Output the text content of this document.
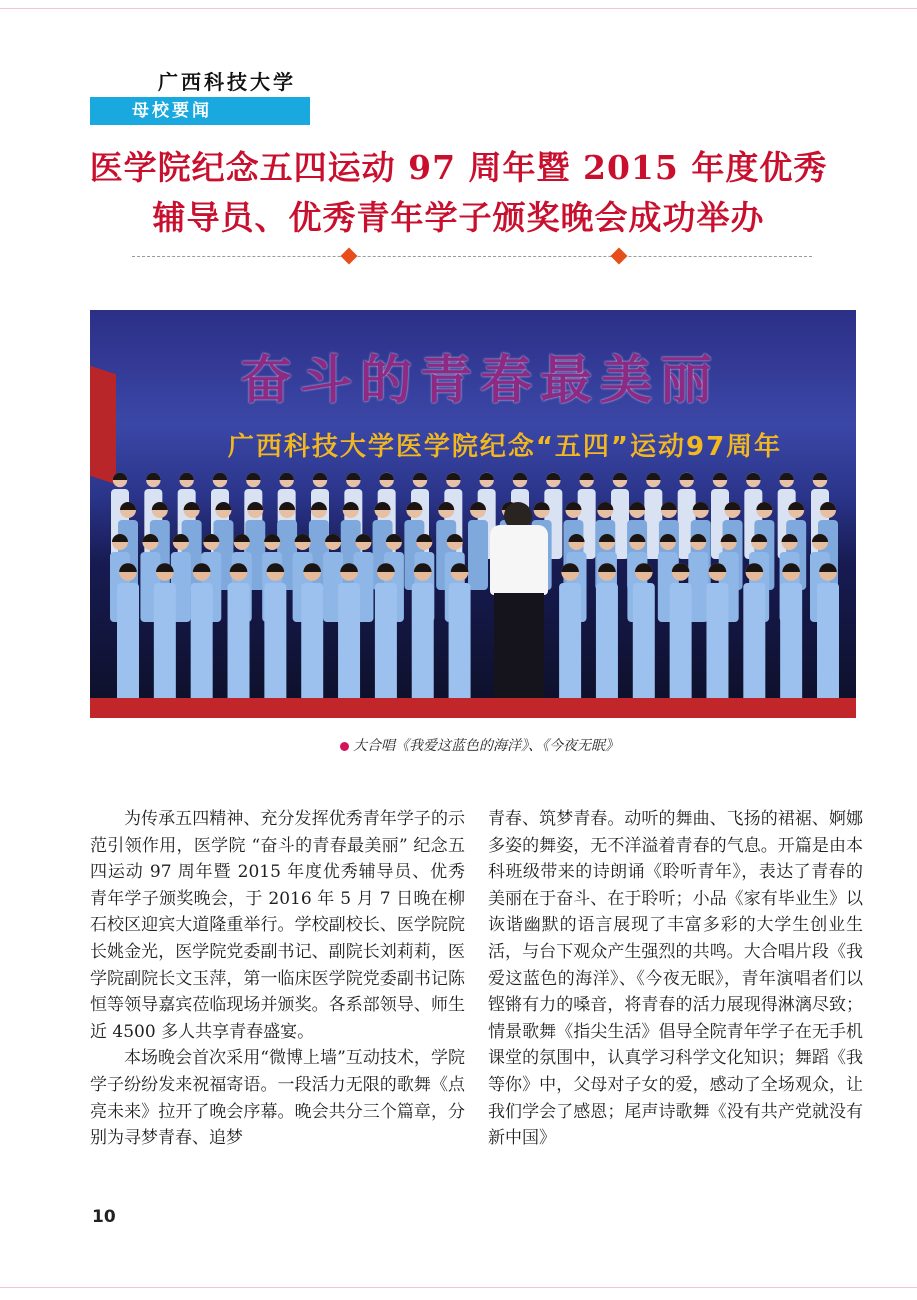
广西科技大学
母校要闻
医学院纪念五四运动 97 周年暨 2015 年度优秀
辅导员、优秀青年学子颁奖晚会成功举办
奋斗的青春最美丽
广西科技大学医学院纪念“五四”运动97周年
大合唱《我爱这蓝色的海洋》、《今夜无眠》

为传承五四精神、充分发挥优秀青年学子的示范引领作用，医学院 “奋斗的青春最美丽” 纪念五四运动 97 周年暨 2015 年度优秀辅导员、优秀青年学子颁奖晚会，于 2016 年 5 月 7 日晚在柳石校区迎宾大道隆重举行。学校副校长、医学院院长姚金光，医学院党委副书记、副院长刘莉莉，医学院副院长文玉萍，第一临床医学院党委副书记陈恒等领导嘉宾莅临现场并颁奖。各系部领导、师生近 4500 多人共享青春盛宴。

本场晚会首次采用“微博上墙”互动技术，学院学子纷纷发来祝福寄语。一段活力无限的歌舞《点亮未来》拉开了晚会序幕。晚会共分三个篇章，分别为寻梦青春、追梦

青春、筑梦青春。动听的舞曲、飞扬的裙裾、婀娜多姿的舞姿，无不洋溢着青春的气息。开篇是由本科班级带来的诗朗诵《聆听青年》，表达了青春的美丽在于奋斗、在于聆听；小品《家有毕业生》以诙谐幽默的语言展现了丰富多彩的大学生创业生活，与台下观众产生强烈的共鸣。大合唱片段《我爱这蓝色的海洋》、《今夜无眠》，青年演唱者们以铿锵有力的嗓音，将青春的活力展现得淋漓尽致；情景歌舞《指尖生活》倡导全院青年学子在无手机课堂的氛围中，认真学习科学文化知识；舞蹈《我等你》中，父母对子女的爱，感动了全场观众，让我们学会了感恩；尾声诗歌舞《没有共产党就没有新中国》

10
